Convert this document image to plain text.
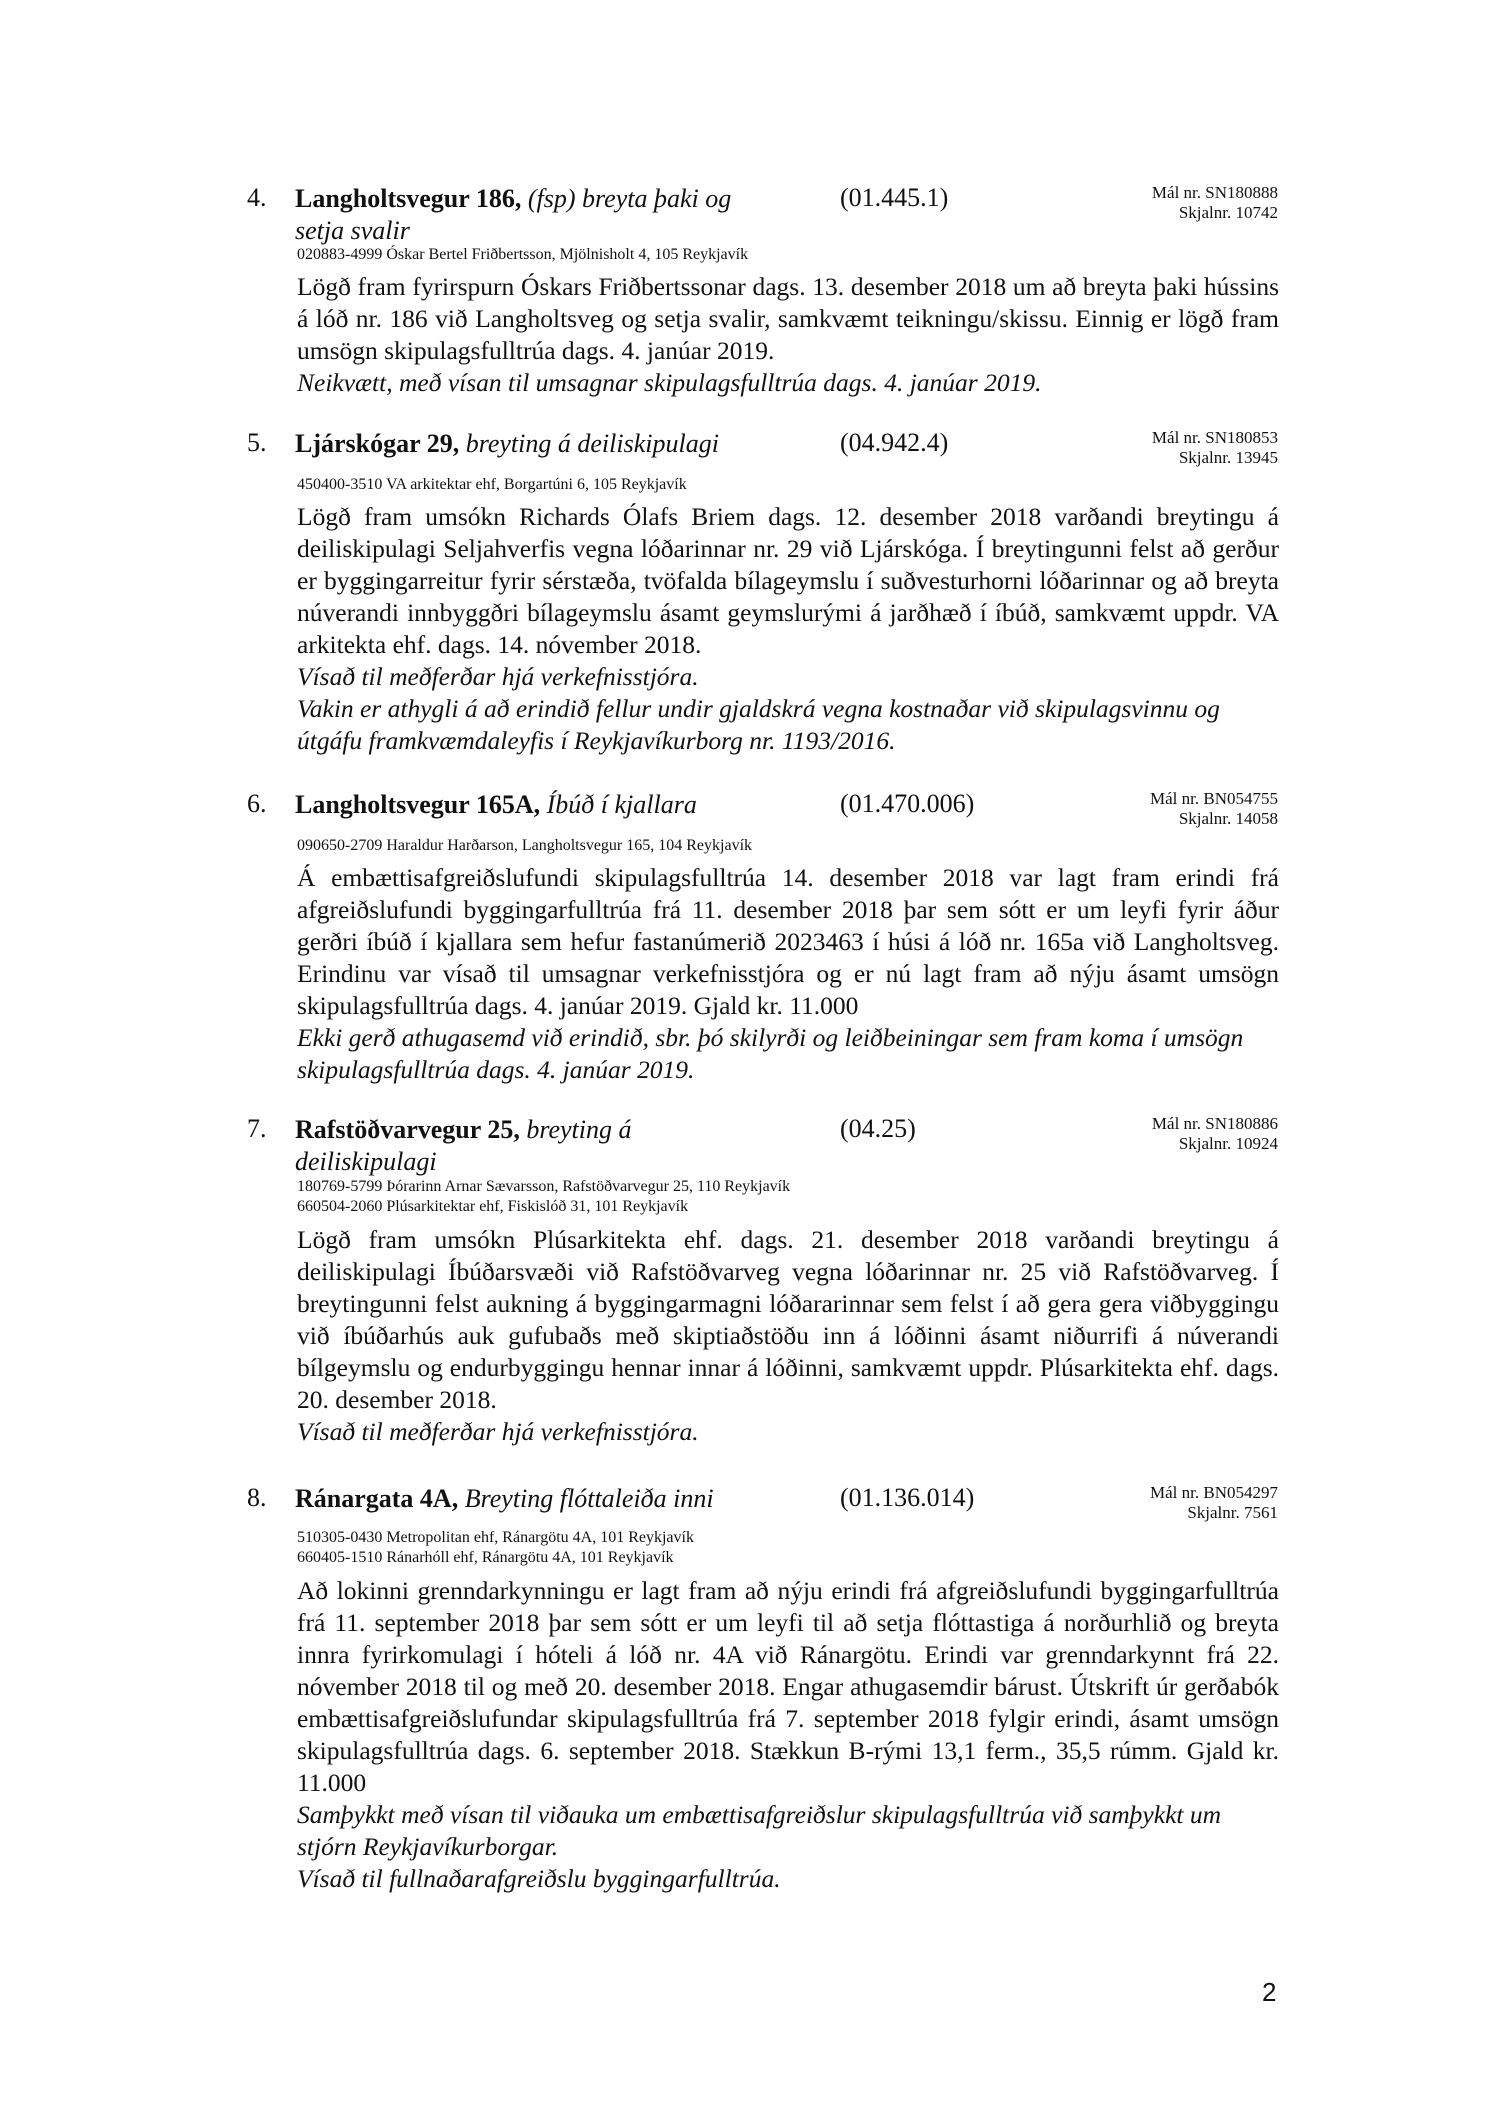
4. Langholtsvegur 186, (fsp) breyta þaki og setja svalir
(01.445.1)	Mál nr. SN180888
Skjalnr. 10742
020883-4999 Óskar Bertel Friðbertsson, Mjölnisholt 4, 105 Reykjavík

Lögð fram fyrirspurn Óskars Friðbertssonar dags. 13. desember 2018 um að breyta þaki hússins á lóð nr. 186 við Langholtsveg og setja svalir, samkvæmt teikningu/skissu. Einnig er lögð fram umsögn skipulagsfulltrúa dags. 4. janúar 2019.

Neikvætt, með vísan til umsagnar skipulagsfulltrúa dags. 4. janúar 2019.

5. Ljárskógar 29, breyting á deiliskipulagi	(04.942.4)	Mál nr. SN180853
Skjalnr. 13945
450400-3510 VA arkitektar ehf, Borgartúni 6, 105 Reykjavík

Lögð fram umsókn Richards Ólafs Briem dags. 12. desember 2018 varðandi breytingu á deiliskipulagi Seljahverfis vegna lóðarinnar nr. 29 við Ljárskóga. Í breytingunni felst að gerður er byggingarreitur fyrir sérstæða, tvöfalda bílageymslu í suðvesturhorni lóðarinnar og að breyta núverandi innbyggðri bílageymslu ásamt geymslurými á jarðhæð í íbúð, samkvæmt uppdr. VA arkitekta ehf. dags. 14. nóvember 2018.

Vísað til meðferðar hjá verkefnisstjóra.

Vakin er athygli á að erindið fellur undir gjaldskrá vegna kostnaðar við skipulagsvinnu og útgáfu framkvæmdaleyfis í Reykjavíkurborg nr. 1193/2016.

6. Langholtsvegur 165A, Íbúð í kjallara	(01.470.006)	Mál nr. BN054755
Skjalnr. 14058
090650-2709 Haraldur Harðarson, Langholtsvegur 165, 104 Reykjavík

Á embættisafgreiðslufundi skipulagsfulltrúa 14. desember 2018 var lagt fram erindi frá afgreiðslufundi byggingarfulltrúa frá 11. desember 2018 þar sem sótt er um leyfi fyrir áður gerðri íbúð í kjallara sem hefur fastanúmerið 2023463 í húsi á lóð nr. 165a við Langholtsveg. Erindinu var vísað til umsagnar verkefnisstjóra og er nú lagt fram að nýju ásamt umsögn skipulagsfulltrúa dags. 4. janúar 2019. Gjald kr. 11.000

Ekki gerð athugasemd við erindið, sbr. þó skilyrði og leiðbeiningar sem fram koma í umsögn skipulagsfulltrúa dags. 4. janúar 2019.

7. Rafstöðvarvegur 25, breyting á deiliskipulagi
(04.25)	Mál nr. SN180886
Skjalnr. 10924
180769-5799 Þórarinn Arnar Sævarsson, Rafstöðvarvegur 25, 110 Reykjavík
660504-2060 Plúsarkitektar ehf, Fiskislóð 31, 101 Reykjavík

Lögð fram umsókn Plúsarkitekta ehf. dags. 21. desember 2018 varðandi breytingu á deiliskipulagi Íbúðarsvæði við Rafstöðvarveg vegna lóðarinnar nr. 25 við Rafstöðvarveg. Í breytingunni felst aukning á byggingarmagni lóðararinnar sem felst í að gera gera viðbyggingu við íbúðarhús auk gufubaðs með skiptiaðstöðu inn á lóðinni ásamt niðurrifi á núverandi bílgeymslu og endurbyggingu hennar innar á lóðinni, samkvæmt uppdr. Plúsarkitekta ehf. dags. 20. desember 2018.

Vísað til meðferðar hjá verkefnisstjóra.

8. Ránargata 4A, Breyting flóttaleiða inni	(01.136.014)	Mál nr. BN054297
Skjalnr. 7561
510305-0430 Metropolitan ehf, Ránargötu 4A, 101 Reykjavík
660405-1510 Ránarhóll ehf, Ránargötu 4A, 101 Reykjavík

Að lokinni grenndarkynningu er lagt fram að nýju erindi frá afgreiðslufundi byggingarfulltrúa frá 11. september 2018 þar sem sótt er um leyfi til að setja flóttastiga á norðurhlið og breyta innra fyrirkomulagi í hóteli á lóð nr. 4A við Ránargötu. Erindi var grenndarkynnt frá 22. nóvember 2018 til og með 20. desember 2018. Engar athugasemdir bárust. Útskrift úr gerðabók embættisafgreiðslufundar skipulagsfulltrúa frá 7. september 2018 fylgir erindi, ásamt umsögn skipulagsfulltrúa dags. 6. september 2018. Stækkun B-rými 13,1 ferm., 35,5 rúmm. Gjald kr. 11.000

Samþykkt með vísan til viðauka um embættisafgreiðslur skipulagsfulltrúa við samþykkt um stjórn Reykjavíkurborgar.

Vísað til fullnaðarafgreiðslu byggingarfulltrúa.

2
